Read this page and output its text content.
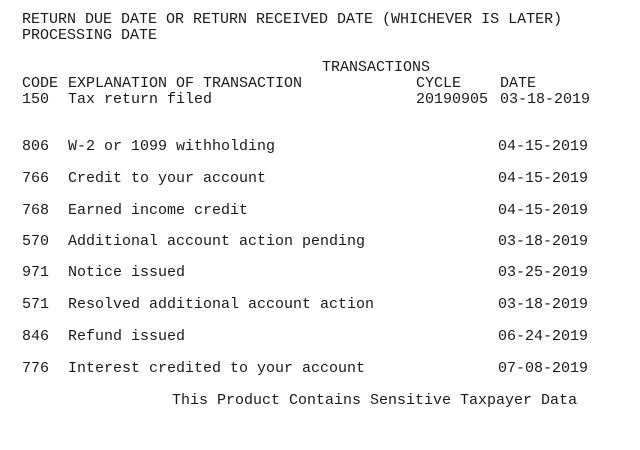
RETURN DUE DATE OR RETURN RECEIVED DATE (WHICHEVER IS LATER)
PROCESSING DATE
TRANSACTIONS
CODE EXPLANATION OF TRANSACTION	CYCLE	DATE
150 Tax return filed	20190905 03-18-2019
806 W-2 or 1099 withholding	04-15-2019
766 Credit to your account	04-15-2019
768 Earned income credit	04-15-2019
570 Additional account action pending	03-18-2019
971 Notice issued	03-25-2019
571 Resolved additional account action	03-18-2019
846 Refund issued	06-24-2019
776 Interest credited to your account	07-08-2019
This Product Contains Sensitive Taxpayer Data
